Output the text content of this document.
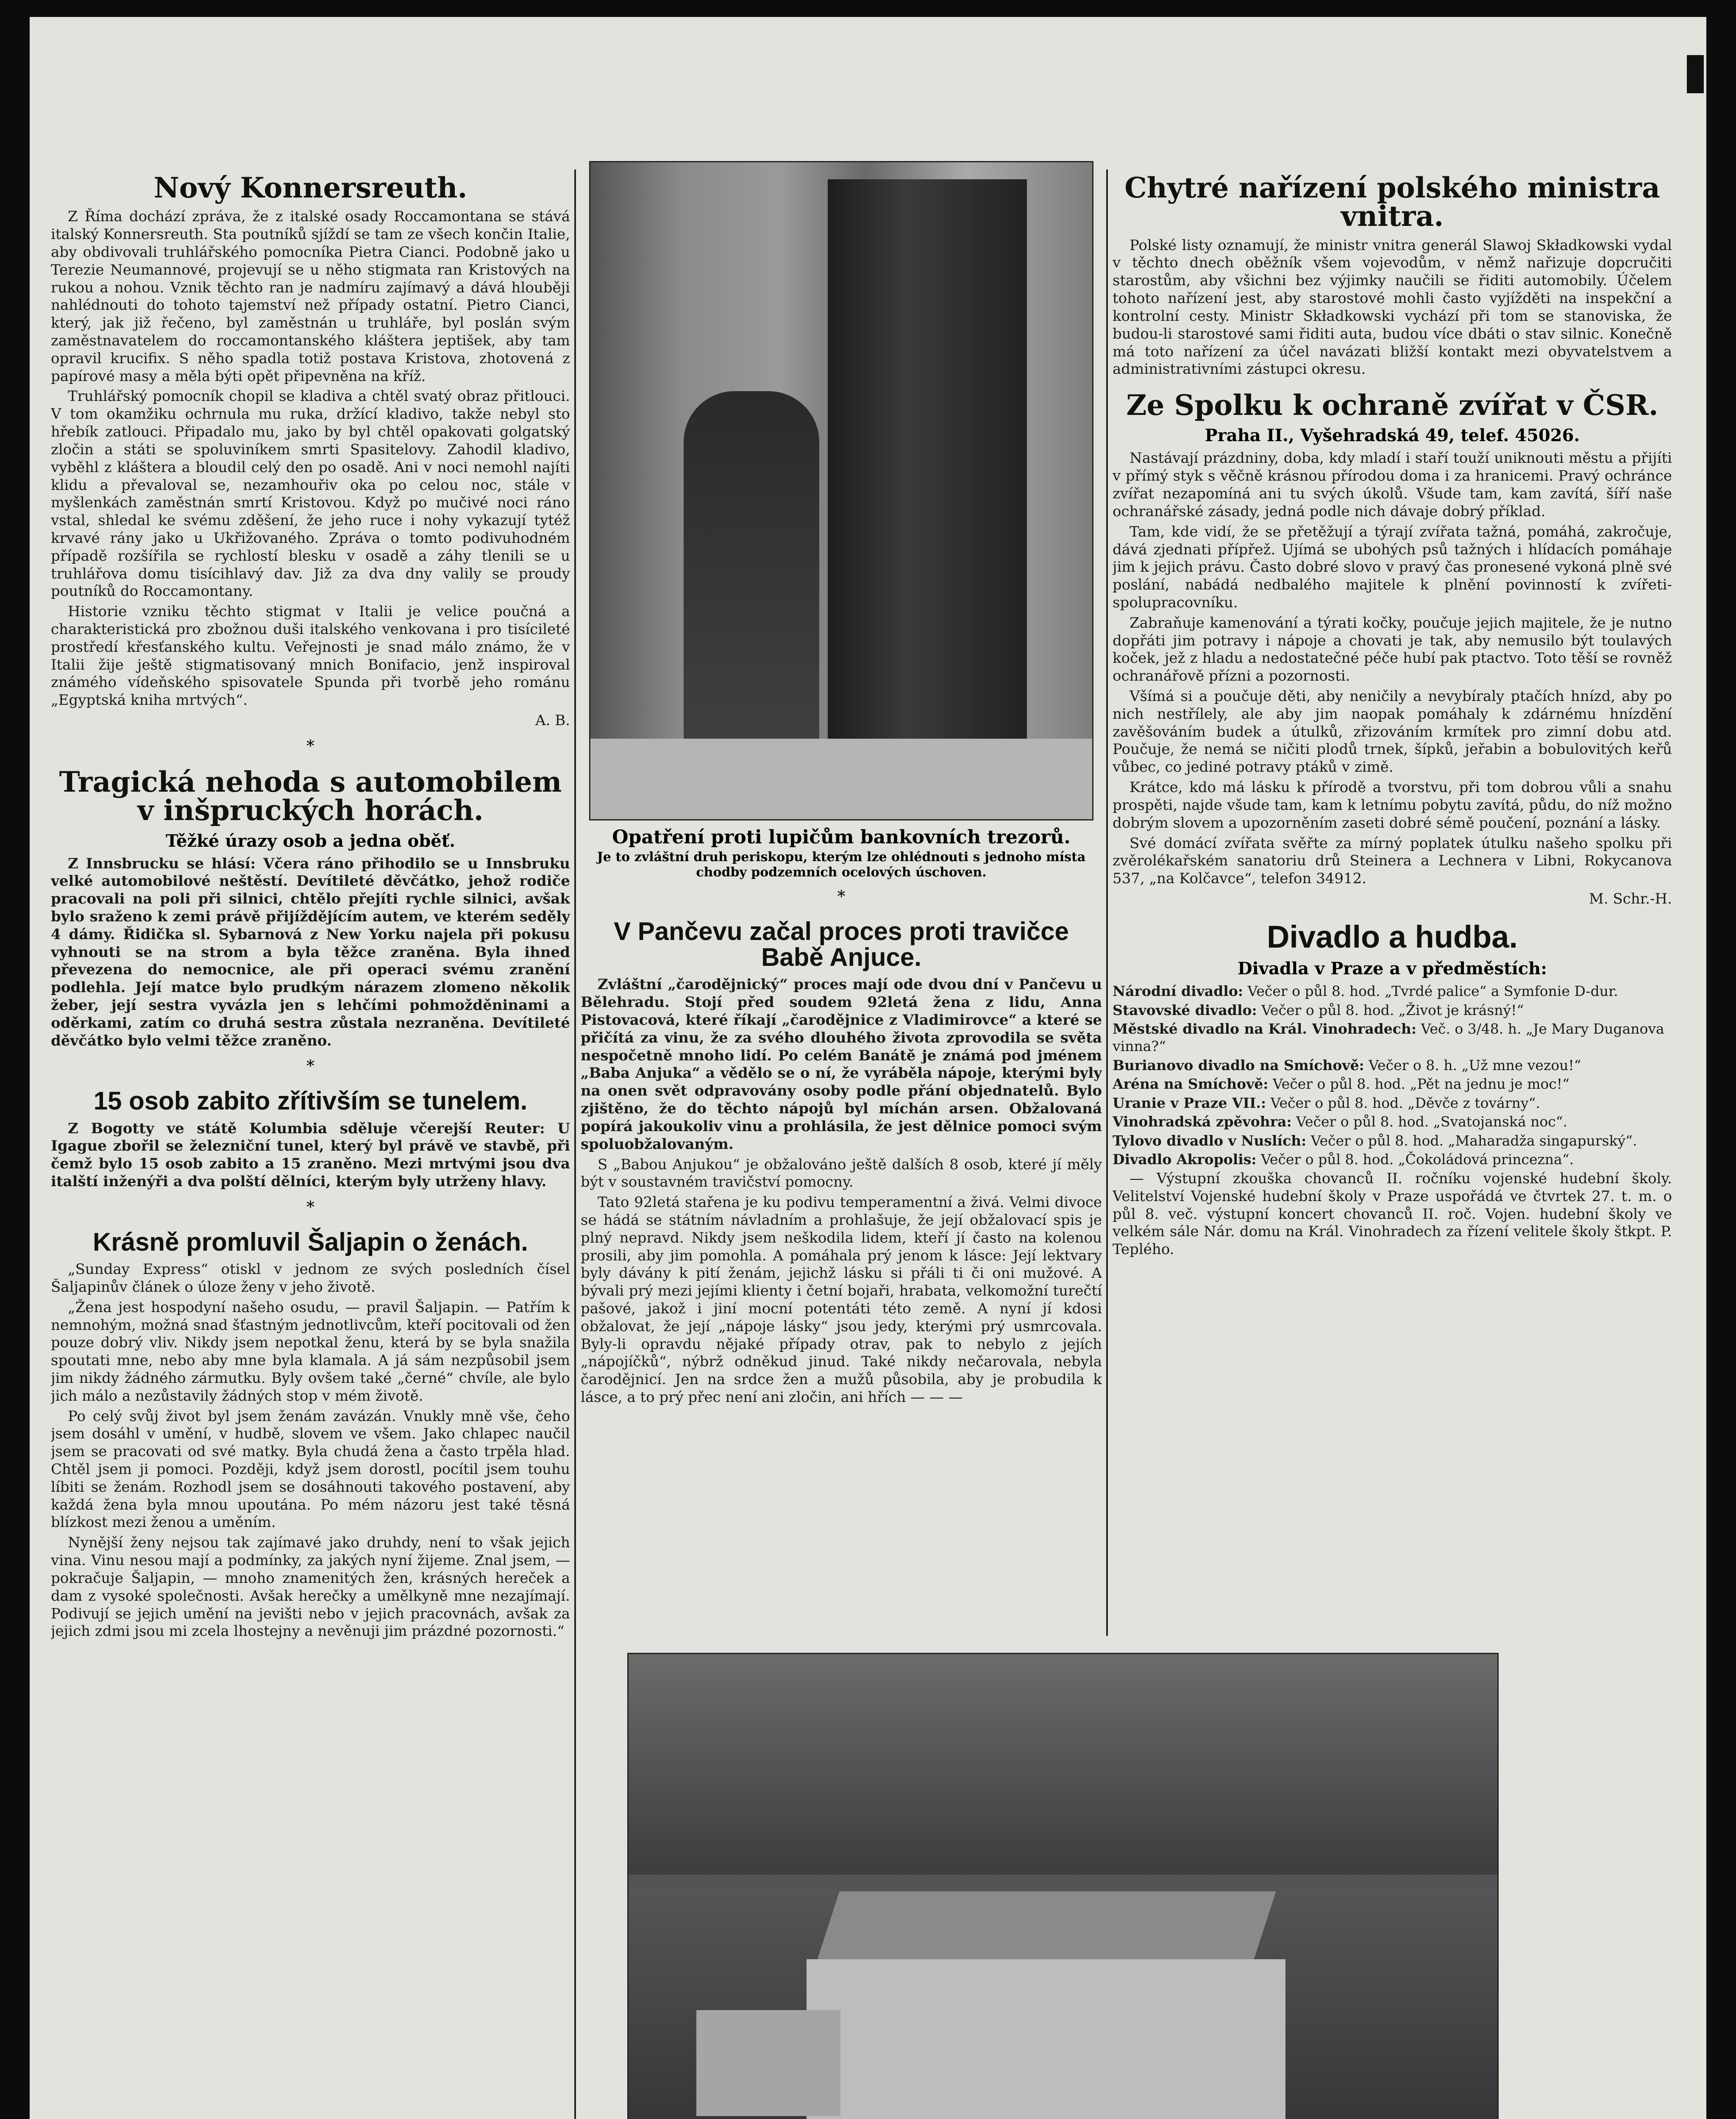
Nový Konnersreuth.

Z Říma dochází zpráva, že z italské osady Roccamontana se stává italský Konnersreuth. Sta poutníků sjíždí se tam ze všech končin Italie, aby obdivovali truhlářského pomocníka Pietra Cianci. Podobně jako u Terezie Neumannové, projevují se u něho stigmata ran Kristových na rukou a nohou. Vznik těchto ran je nadmíru zajímavý a dává hlouběji nahlédnouti do tohoto tajemství než případy ostatní. Pietro Cianci, který, jak již řečeno, byl zaměstnán u truhláře, byl poslán svým zaměstnavatelem do roccamontanského kláštera jeptišek, aby tam opravil krucifix. S něho spadla totiž postava Kristova, zhotovená z papírové masy a měla býti opět připevněna na kříž.

Truhlářský pomocník chopil se kladiva a chtěl svatý obraz přitlouci. V tom okamžiku ochrnula mu ruka, držící kladivo, takže nebyl sto hřebík zatlouci. Připadalo mu, jako by byl chtěl opakovati golgatský zločin a státi se spoluviníkem smrti Spasitelovy. Zahodil kladivo, vyběhl z kláštera a bloudil celý den po osadě. Ani v noci nemohl najíti klidu a převaloval se, nezamhouřiv oka po celou noc, stále v myšlenkách zaměstnán smrtí Kristovou. Když po mučivé noci ráno vstal, shledal ke svému zděšení, že jeho ruce i nohy vykazují tytéž krvavé rány jako u Ukřižovaného. Zpráva o tomto podivuhodném případě rozšířila se rychlostí blesku v osadě a záhy tlenili se u truhlářova domu tisícihlavý dav. Již za dva dny valily se proudy poutníků do Roccamontany.

Historie vzniku těchto stigmat v Italii je velice poučná a charakteristická pro zbožnou duši italského venkovana i pro tisícileté prostředí křesťanského kultu. Veřejnosti je snad málo známo, že v Italii žije ještě stigmatisovaný mnich Bonifacio, jenž inspiroval známého vídeňského spisovatele Spunda při tvorbě jeho románu „Egyptská kniha mrtvých“.

A. B.

*
Tragická nehoda s automobilem v inšpruckých horách.
Těžké úrazy osob a jedna oběť.

Z Innsbrucku se hlásí: Včera ráno přihodilo se u Innsbruku velké automobilové neštěstí. Devítileté děvčátko, jehož rodiče pracovali na poli při silnici, chtělo přejíti rychle silnici, avšak bylo sraženo k zemi právě přijíždějícím autem, ve kterém seděly 4 dámy. Řidička sl. Sybarnová z New Yorku najela při pokusu vyhnouti se na strom a byla těžce zraněna. Byla ihned převezena do nemocnice, ale při operaci svému zranění podlehla. Její matce bylo prudkým nárazem zlomeno několik žeber, její sestra vyvázla jen s lehčími pohmožděninami a oděrkami, zatím co druhá sestra zůstala nezraněna. Devítileté děvčátko bylo velmi těžce zraněno.

*
15 osob zabito zřítivším se tunelem.

Z Bogotty ve státě Kolumbia sděluje včerejší Reuter: U Igague zbořil se železniční tunel, který byl právě ve stavbě, při čemž bylo 15 osob zabito a 15 zraněno. Mezi mrtvými jsou dva italští inženýři a dva polští dělníci, kterým byly utrženy hlavy.

*
Krásně promluvil Šaljapin o ženách.

„Sunday Express“ otiskl v jednom ze svých posledních čísel Šaljapinův článek o úloze ženy v jeho životě.

„Žena jest hospodyní našeho osudu, — pravil Šaljapin. — Patřím k nemnohým, možná snad šťastným jednotlivcům, kteří pocitovali od žen pouze dobrý vliv. Nikdy jsem nepotkal ženu, která by se byla snažila spoutati mne, nebo aby mne byla klamala. A já sám nezpůsobil jsem jim nikdy žádného zármutku. Byly ovšem také „černé“ chvíle, ale bylo jich málo a nezůstavily žádných stop v mém životě.

Po celý svůj život byl jsem ženám zavázán. Vnukly mně vše, čeho jsem dosáhl v umění, v hudbě, slovem ve všem. Jako chlapec naučil jsem se pracovati od své matky. Byla chudá žena a často trpěla hlad. Chtěl jsem ji pomoci. Později, když jsem dorostl, pocítil jsem touhu líbiti se ženám. Rozhodl jsem se dosáhnouti takového postavení, aby každá žena byla mnou upoutána. Po mém názoru jest také těsná blízkost mezi ženou a uměním.

Nynější ženy nejsou tak zajímavé jako druhdy, není to však jejich vina. Vinu nesou mají a podmínky, za jakých nyní žijeme. Znal jsem, — pokračuje Šaljapin, — mnoho znamenitých žen, krásných hereček a dam z vysoké společnosti. Avšak herečky a umělkyně mne nezajímají. Podivují se jejich umění na jevišti nebo v jejich pracovnách, avšak za jejich zdmi jsou mi zcela lhostejny a nevěnuji jim prázdné pozornosti.“

Opatření proti lupičům bankovních trezorů.
Je to zvláštní druh periskopu, kterým lze ohlédnouti s jednoho místa chodby podzemních ocelových úschoven.
*
V Pančevu začal proces proti travičce Babě Anjuce.

Zvláštní „čarodějnický“ proces mají ode dvou dní v Pančevu u Bělehradu. Stojí před soudem 92letá žena z lidu, Anna Pistovacová, které říkají „čarodějnice z Vladimirovce“ a které se přičítá za vinu, že za svého dlouhého života zprovodila se světa nespočetně mnoho lidí. Po celém Banátě je známá pod jménem „Baba Anjuka“ a vědělo se o ní, že vyráběla nápoje, kterými byly na onen svět odpravovány osoby podle přání objednatelů. Bylo zjištěno, že do těchto nápojů byl míchán arsen. Obžalovaná popírá jakoukoliv vinu a prohlásila, že jest dělnice pomoci svým spoluobžalovaným.

S „Babou Anjukou“ je obžalováno ještě dalších 8 osob, které jí měly být v soustavném travičství pomocny.

Tato 92letá stařena je ku podivu temperamentní a živá. Velmi divoce se hádá se státním návladním a prohlašuje, že její obžalovací spis je plný nepravd. Nikdy jsem neškodila lidem, kteří jí často na kolenou prosili, aby jim pomohla. A pomáhala prý jenom k lásce: Její lektvary byly dávány k pití ženám, jejichž lásku si přáli ti či oni mužové. A bývali prý mezi jejími klienty i četní bojaři, hrabata, velkomožní turečtí pašové, jakož i jiní mocní potentáti této země. A nyní jí kdosi obžalovat, že její „nápoje lásky“ jsou jedy, kterými prý usmrcovala. Byly-li opravdu nějaké případy otrav, pak to nebylo z jejích „nápojíčků“, nýbrž odněkud jinud. Také nikdy nečarovala, nebyla čarodějnicí. Jen na srdce žen a mužů působila, aby je probudila k lásce, a to prý přec není ani zločin, ani hřích — — —

Chytré nařízení polského ministra vnitra.

Polské listy oznamují, že ministr vnitra generál Slawoj Składkowski vydal v těchto dnech oběžník všem vojevodům, v němž nařizuje dopcručiti starostům, aby všichni bez výjimky naučili se řiditi automobily. Účelem tohoto nařízení jest, aby starostové mohli často vyjížděti na inspekční a kontrolní cesty. Ministr Składkowski vychází při tom se stanoviska, že budou-li starostové sami řiditi auta, budou více dbáti o stav silnic. Konečně má toto nařízení za účel navázati bližší kontakt mezi obyvatelstvem a administrativními zástupci okresu.

Ze Spolku k ochraně zvířat v ČSR.
Praha II., Vyšehradská 49, telef. 45026.

Nastávají prázdniny, doba, kdy mladí i staří touží uniknouti městu a přijíti v přímý styk s věčně krásnou přírodou doma i za hranicemi. Pravý ochránce zvířat nezapomíná ani tu svých úkolů. Všude tam, kam zavítá, šíří naše ochranářské zásady, jedná podle nich dávaje dobrý příklad.

Tam, kde vidí, že se přetěžují a týrají zvířata tažná, pomáhá, zakročuje, dává zjednati přípřež. Ujímá se ubohých psů tažných i hlídacích pomáhaje jim k jejich právu. Často dobré slovo v pravý čas pronesené vykoná plně své poslání, nabádá nedbalého majitele k plnění povinností k zvířeti-spolupracovníku.

Zabraňuje kamenování a týrati kočky, poučuje jejich majitele, že je nutno dopřáti jim potravy i nápoje a chovati je tak, aby nemusilo být toulavých koček, jež z hladu a nedostatečné péče hubí pak ptactvo. Toto těší se rovněž ochranářově přízni a pozornosti.

Všímá si a poučuje děti, aby neničily a nevybíraly ptačích hnízd, aby po nich nestřílely, ale aby jim naopak pomáhaly k zdárnému hnízdění zavěšováním budek a útulků, zřizováním krmítek pro zimní dobu atd. Poučuje, že nemá se ničiti plodů trnek, šípků, jeřabin a bobulovitých keřů vůbec, co jediné potravy ptáků v zimě.

Krátce, kdo má lásku k přírodě a tvorstvu, při tom dobrou vůli a snahu prospěti, najde všude tam, kam k letnímu pobytu zavítá, půdu, do níž možno dobrým slovem a upozorněním zaseti dobré sémě poučení, poznání a lásky.

Své domácí zvířata svěřte za mírný poplatek útulku našeho spolku při zvěrolékařském sanatoriu drů Steinera a Lechnera v Libni, Rokycanova 537, „na Kolčavce“, telefon 34912.

M. Schr.-H.

Divadlo a hudba.
Divadla v Praze a v předměstích:

Národní divadlo: Večer o půl 8. hod. „Tvrdé palice“ a Symfonie D-dur.

Stavovské divadlo: Večer o půl 8. hod. „Život je krásný!“

Městské divadlo na Král. Vinohradech: Več. o 3/48. h. „Je Mary Duganova vinna?“

Burianovo divadlo na Smíchově: Večer o 8. h. „Už mne vezou!“

Aréna na Smíchově: Večer o půl 8. hod. „Pět na jednu je moc!“

Uranie v Praze VII.: Večer o půl 8. hod. „Děvče z továrny“.

Vinohradská zpěvohra: Večer o půl 8. hod. „Svatojanská noc“.

Tylovo divadlo v Nuslích: Večer o půl 8. hod. „Maharadža singapurský“.

Divadlo Akropolis: Večer o půl 8. hod. „Čokoládová princezna“.

— Výstupní zkouška chovanců II. ročníku vojenské hudební školy. Velitelství Vojenské hudební školy v Praze uspořádá ve čtvrtek 27. t. m. o půl 8. več. výstupní koncert chovanců II. roč. Vojen. hudební školy ve velkém sále Nár. domu na Král. Vinohradech za řízení velitele školy štkpt. P. Teplého.
